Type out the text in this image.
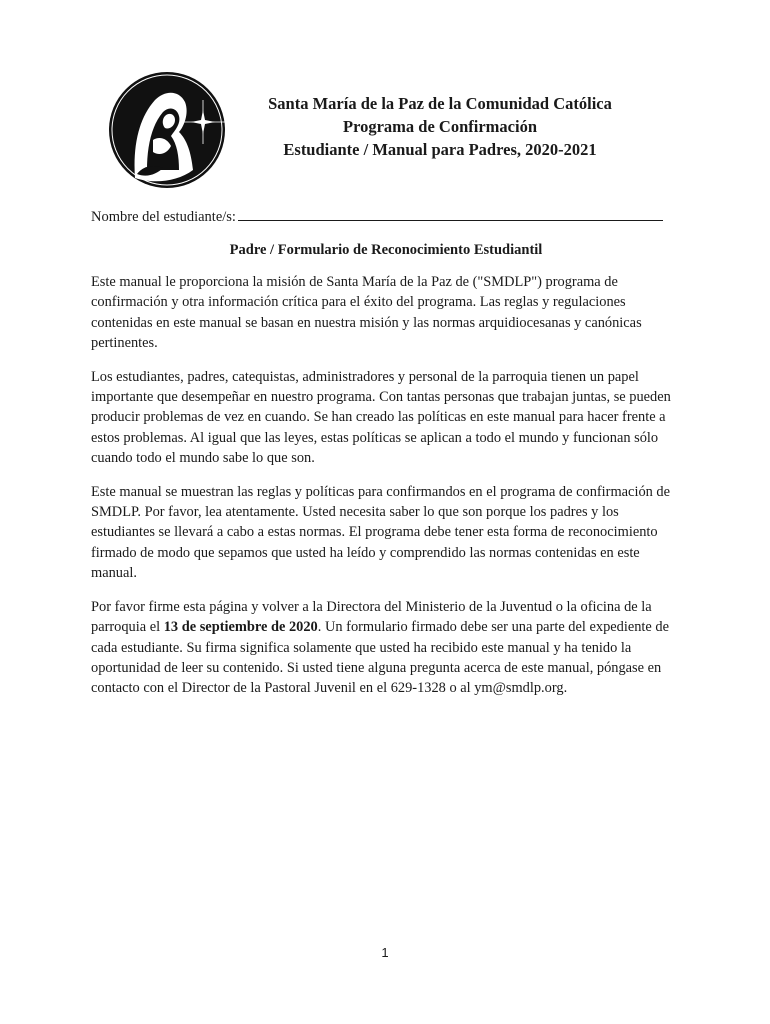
Santa María de la Paz de la Comunidad Católica
Programa de Confirmación
Estudiante / Manual para Padres, 2020-2021
Nombre del estudiante/s:
Padre / Formulario de Reconocimiento Estudiantil

Este manual le proporciona la misión de Santa María de la Paz de ("SMDLP") programa de confirmación y otra información crítica para el éxito del programa. Las reglas y regulaciones contenidas en este manual se basan en nuestra misión y las normas arquidiocesanas y canónicas pertinentes.

Los estudiantes, padres, catequistas, administradores y personal de la parroquia tienen un papel importante que desempeñar en nuestro programa. Con tantas personas que trabajan juntas, se pueden producir problemas de vez en cuando. Se han creado las políticas en este manual para hacer frente a estos problemas. Al igual que las leyes, estas políticas se aplican a todo el mundo y funcionan sólo cuando todo el mundo sabe lo que son.

Este manual se muestran las reglas y políticas para confirmandos en el programa de confirmación de SMDLP. Por favor, lea atentamente. Usted necesita saber lo que son porque los padres y los estudiantes se llevará a cabo a estas normas. El programa debe tener esta forma de reconocimiento firmado de modo que sepamos que usted ha leído y comprendido las normas contenidas en este manual.

Por favor firme esta página y volver a la Directora del Ministerio de la Juventud o la oficina de la parroquia el 13 de septiembre de 2020. Un formulario firmado debe ser una parte del expediente de cada estudiante. Su firma significa solamente que usted ha recibido este manual y ha tenido la oportunidad de leer su contenido. Si usted tiene alguna pregunta acerca de este manual, póngase en contacto con el Director de la Pastoral Juvenil en el 629-1328 o al ym@smdlp.org.

1
